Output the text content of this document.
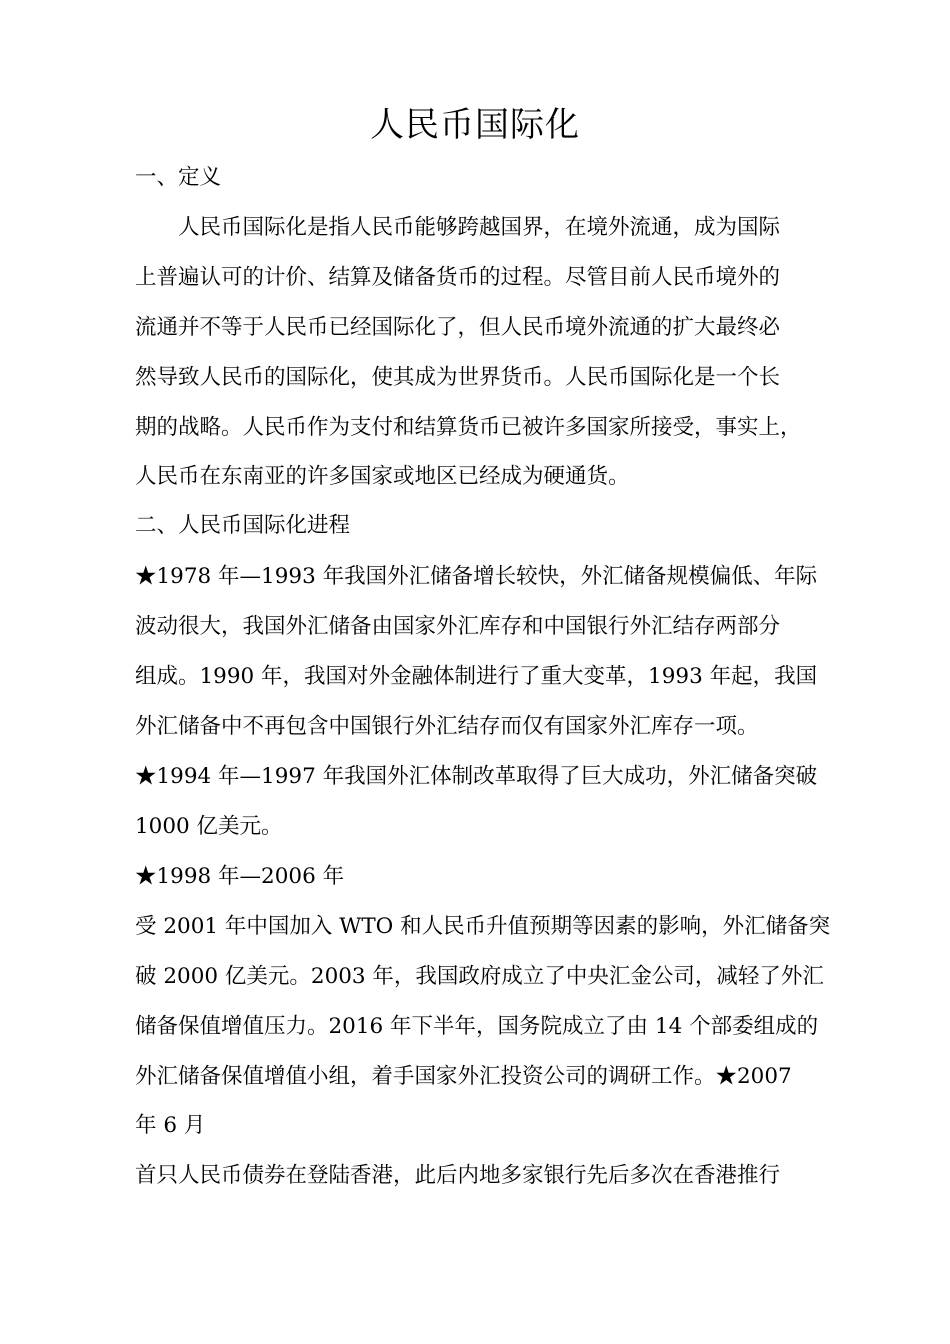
人民币国际化
一、定义
人民币国际化是指人民币能够跨越国界，在境外流通，成为国际
上普遍认可的计价、结算及储备货币的过程。尽管目前人民币境外的
流通并不等于人民币已经国际化了，但人民币境外流通的扩大最终必
然导致人民币的国际化，使其成为世界货币。人民币国际化是一个长
期的战略。人民币作为支付和结算货币已被许多国家所接受，事实上，
人民币在东南亚的许多国家或地区已经成为硬通货。
二、人民币国际化进程
★1978 年—1993 年我国外汇储备增长较快，外汇储备规模偏低、年际
波动很大，我国外汇储备由国家外汇库存和中国银行外汇结存两部分
组成。1990 年，我国对外金融体制进行了重大变革，1993 年起，我国
外汇储备中不再包含中国银行外汇结存而仅有国家外汇库存一项。
★1994 年—1997 年我国外汇体制改革取得了巨大成功，外汇储备突破
1000 亿美元。
★1998 年—2006 年
受 2001 年中国加入 WTO 和人民币升值预期等因素的影响，外汇储备突
破 2000 亿美元。2003 年，我国政府成立了中央汇金公司，减轻了外汇
储备保值增值压力。2016 年下半年，国务院成立了由 14 个部委组成的
外汇储备保值增值小组，着手国家外汇投资公司的调研工作。★2007
年 6 月
首只人民币债券在登陆香港，此后内地多家银行先后多次在香港推行
